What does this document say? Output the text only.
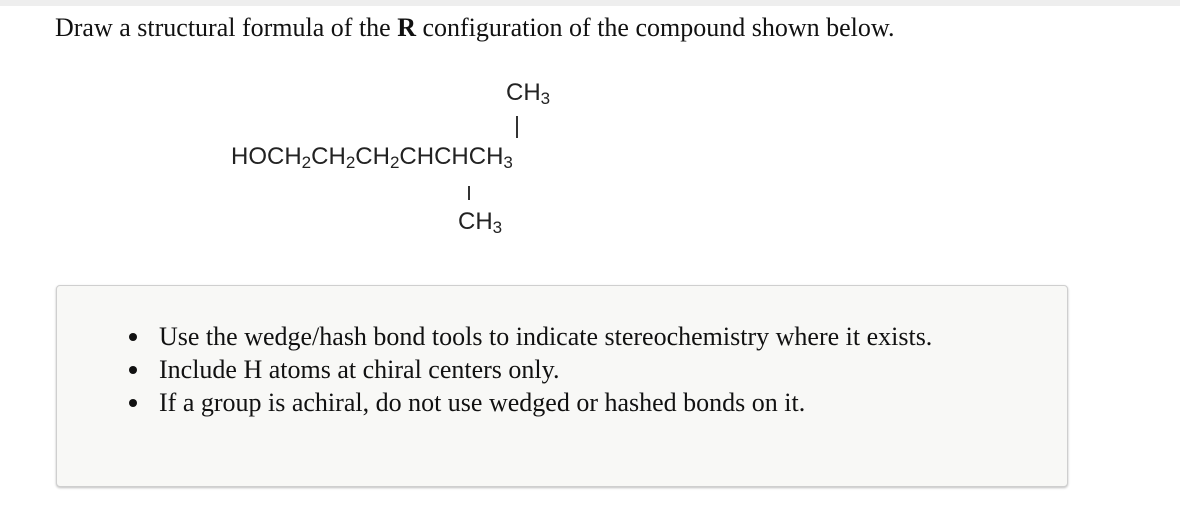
Draw a structural formula of the R configuration of the compound shown below.
$CH_3$
$HOCH_2CH_2CH_2CHCHCH_3$
$CH_3$
Use the wedge/hash bond tools to indicate stereochemistry where it exists.
Include H atoms at chiral centers only.
If a group is achiral, do not use wedged or hashed bonds on it.
